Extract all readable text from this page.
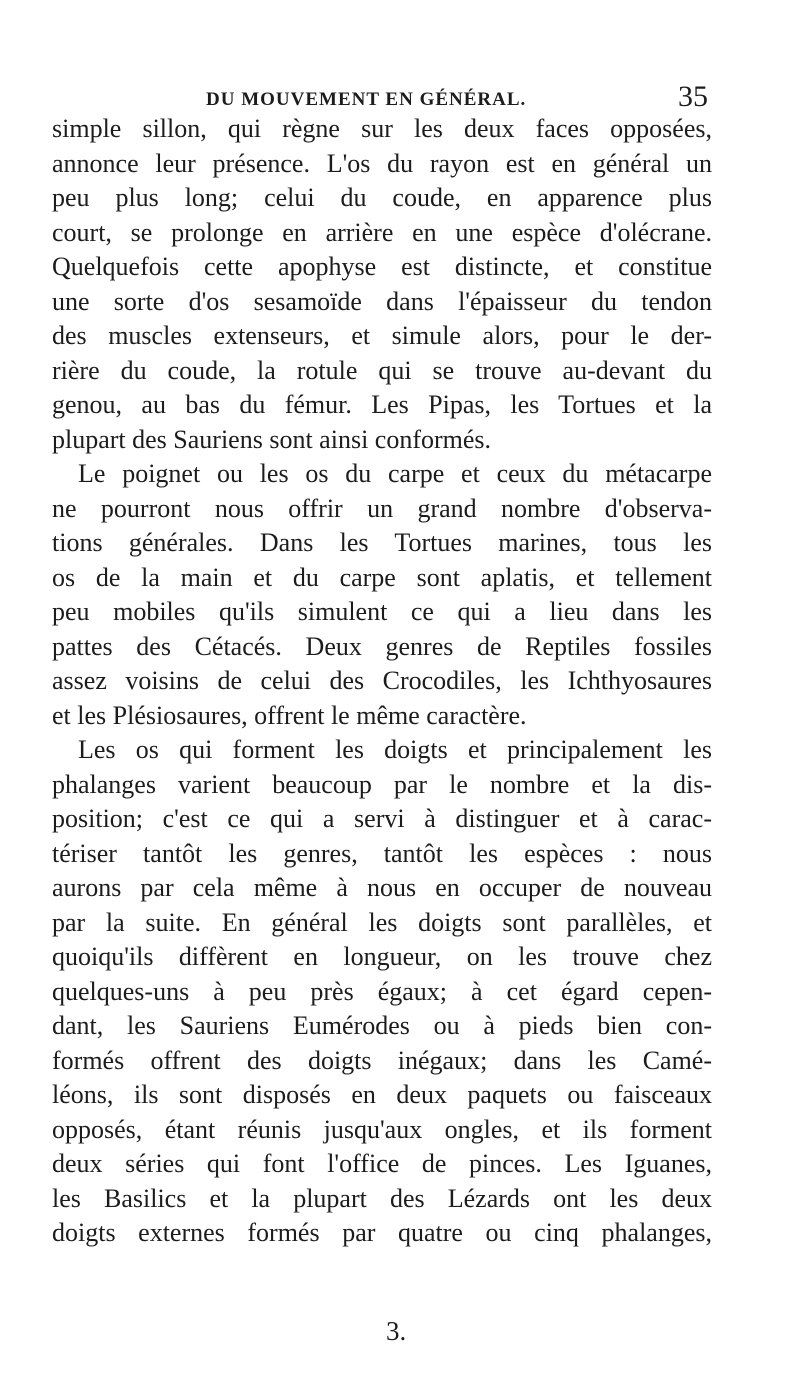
DU MOUVEMENT EN GÉNÉRAL.	35
simple sillon, qui règne sur les deux faces opposées,
annonce leur présence. L'os du rayon est en général un
peu plus long; celui du coude, en apparence plus
court, se prolonge en arrière en une espèce d'olécrane.
Quelquefois cette apophyse est distincte, et constitue
une sorte d'os sesamoïde dans l'épaisseur du tendon
des muscles extenseurs, et simule alors, pour le der-
rière du coude, la rotule qui se trouve au-devant du
genou, au bas du fémur. Les Pipas, les Tortues et la
plupart des Sauriens sont ainsi conformés.
Le poignet ou les os du carpe et ceux du métacarpe
ne pourront nous offrir un grand nombre d'observa-
tions générales. Dans les Tortues marines, tous les
os de la main et du carpe sont aplatis, et tellement
peu mobiles qu'ils simulent ce qui a lieu dans les
pattes des Cétacés. Deux genres de Reptiles fossiles
assez voisins de celui des Crocodiles, les Ichthyosaures
et les Plésiosaures, offrent le même caractère.
Les os qui forment les doigts et principalement les
phalanges varient beaucoup par le nombre et la dis-
position; c'est ce qui a servi à distinguer et à carac-
tériser tantôt les genres, tantôt les espèces : nous
aurons par cela même à nous en occuper de nouveau
par la suite. En général les doigts sont parallèles, et
quoiqu'ils diffèrent en longueur, on les trouve chez
quelques-uns à peu près égaux; à cet égard cepen-
dant, les Sauriens Eumérodes ou à pieds bien con-
formés offrent des doigts inégaux; dans les Camé-
léons, ils sont disposés en deux paquets ou faisceaux
opposés, étant réunis jusqu'aux ongles, et ils forment
deux séries qui font l'office de pinces. Les Iguanes,
les Basilics et la plupart des Lézards ont les deux
doigts externes formés par quatre ou cinq phalanges,
3.
